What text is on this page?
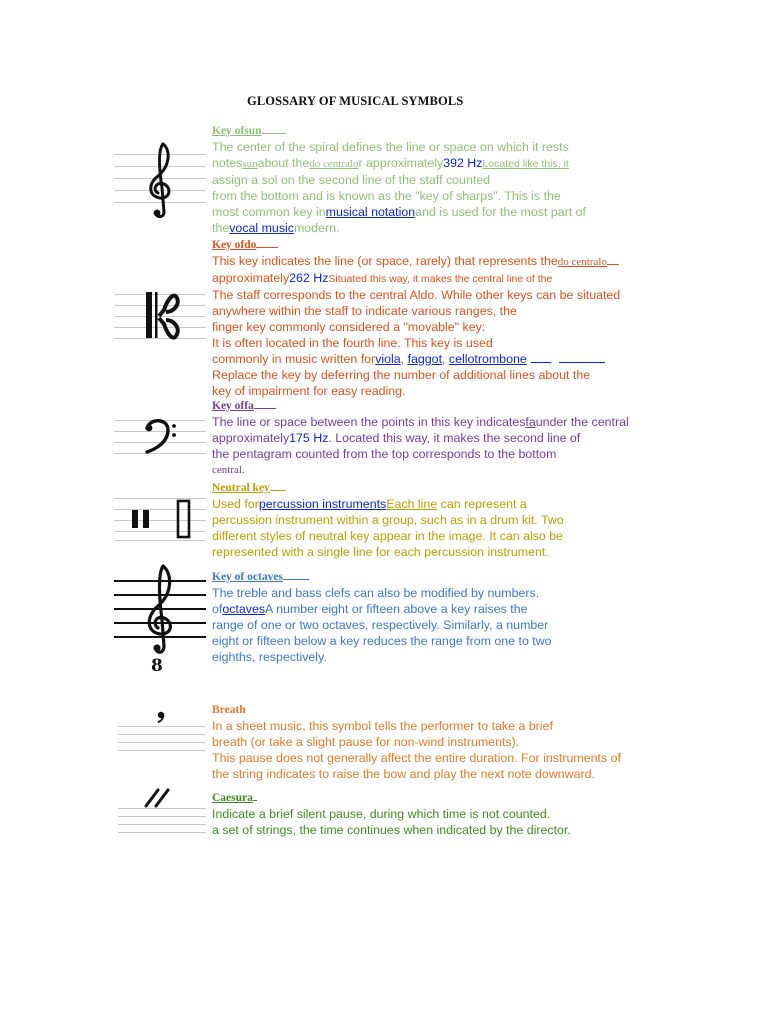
GLOSSARY OF MUSICAL SYMBOLS
Key ofsun
The center of the spiral defines the line or space on which it rests
notessunabout thedo centralor approximately392 HzLocated like this, it
assign a sol on the second line of the staff counted
from the bottom and is known as the "key of sharps". This is the
most common key inmusical notationand is used for the most part of
thevocal musicmodern.
Key ofdo
This key indicates the line (or space, rarely) that represents thedo centralo
approximately262 HzSituated this way, it makes the central line of the
The staff corresponds to the central Aldo. While other keys can be situated
anywhere within the staff to indicate various ranges, the
finger key commonly considered a "movable" key:
It is often located in the fourth line. This key is used
commonly in music written forviola, faggot, cellotrombone
Replace the key by deferring the number of additional lines about the
key of impairment for easy reading.
Key offa
The line or space between the points in this key indicatesfaunder the central
approximately175 Hz. Located this way, it makes the second line of
the pentagram counted from the top corresponds to the bottom
central.
Neutral key
Used forpercussion instrumentsEach line can represent a
percussion instrument within a group, such as in a drum kit. Two
different styles of neutral key appear in the image. It can also be
represented with a single line for each percussion instrument.
8
Key of octaves
The treble and bass clefs can also be modified by numbers.
ofoctavesA number eight or fifteen above a key raises the
range of one or two octaves, respectively. Similarly, a number
eight or fifteen below a key reduces the range from one to two
eighths, respectively.
Breath
In a sheet music, this symbol tells the performer to take a brief
breath (or take a slight pause for non-wind instruments).
This pause does not generally affect the entire duration. For instruments of
the string indicates to raise the bow and play the next note downward.
Caesura
Indicate a brief silent pause, during which time is not counted.
a set of strings, the time continues when indicated by the director.
